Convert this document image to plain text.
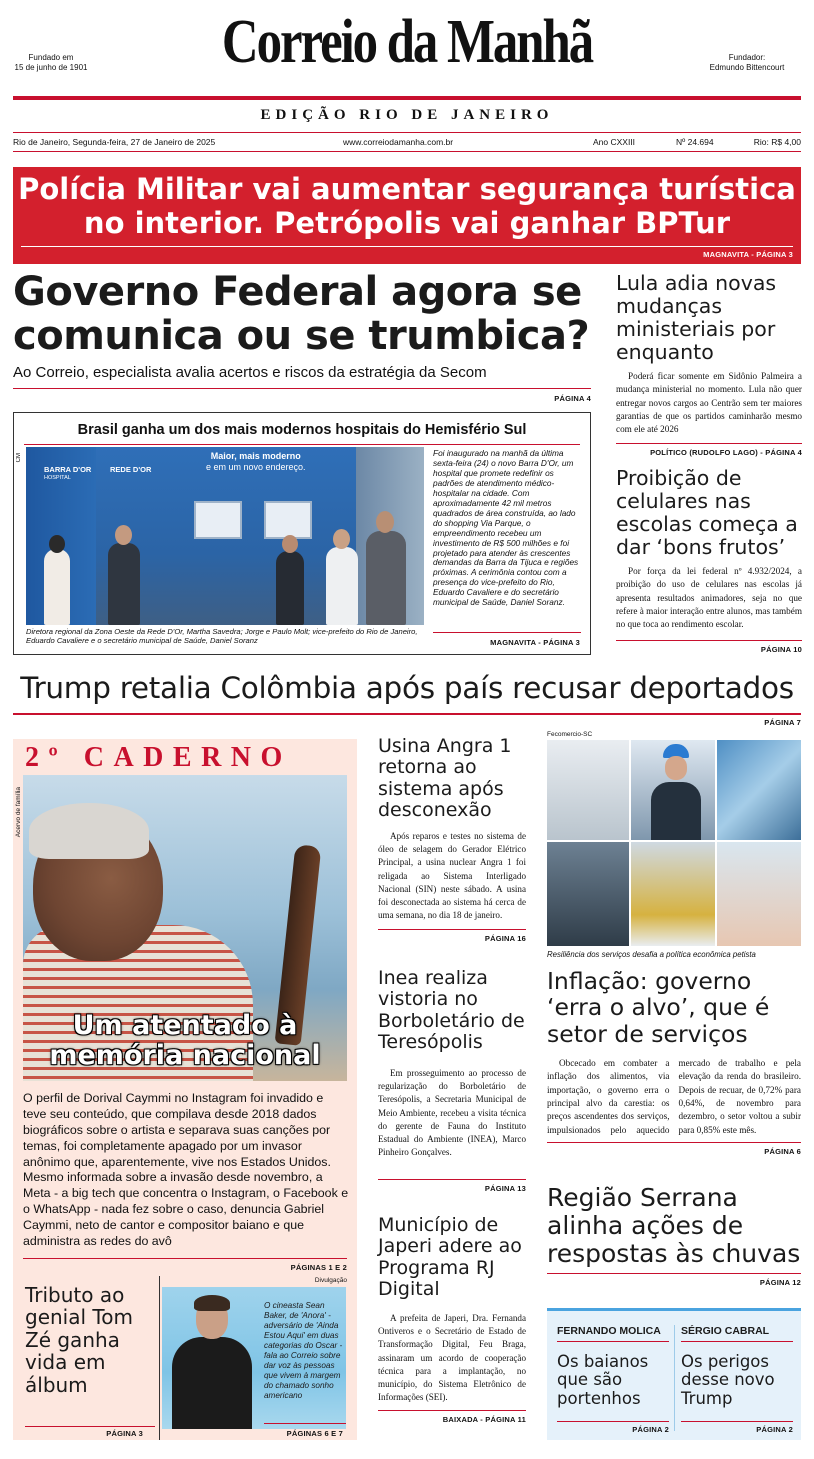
Correio da Manhã
Fundado em
15 de junho de 1901
Fundador:
Edmundo Bittencourt
EDIÇÃO RIO DE JANEIRO
Rio de Janeiro, Segunda-feira, 27 de Janeiro de 2025	www.correiodamanha.com.br	Ano CXXIII	Nº 24.694	Rio: R$ 4,00
Polícia Militar vai aumentar segurança turística
no interior. Petrópolis vai ganhar BPTur
MAGNAVITA - PÁGINA 3
Governo Federal agora se
comunica ou se trumbica?
Ao Correio, especialista avalia acertos e riscos da estratégia da Secom
PÁGINA 4
Brasil ganha um dos mais modernos hospitais do Hemisfério Sul
CM
BARRA D'OR
HOSPITAL
REDE D'OR
Maior, mais moderno
e em um novo endereço.
Diretora regional da Zona Oeste da Rede D'Or, Martha Savedra; Jorge e Paulo Molt; vice-prefeito do Rio de Janeiro, Eduardo Cavaliere e o secretário municipal de Saúde, Daniel Soranz
Foi inaugurado na manhã da última sexta-feira (24) o novo Barra D'Or, um hospital que promete redefinir os padrões de atendimento médico-hospitalar na cidade. Com aproximadamente 42 mil metros quadrados de área construída, ao lado do shopping Via Parque, o empreendimento recebeu um investimento de R$ 500 milhões e foi projetado para atender às crescentes demandas da Barra da Tijuca e regiões próximas. A cerimônia contou com a presença do vice-prefeito do Rio, Eduardo Cavaliere e do secretário municipal de Saúde, Daniel Soranz.
MAGNAVITA - PÁGINA 3
Lula adia novas mudanças ministeriais por enquanto
Poderá ficar somente em Sidônio Palmeira a mudança ministerial no momento. Lula não quer entregar novos cargos ao Centrão sem ter maiores garantias de que os partidos caminharão mesmo com ele até 2026
POLÍTICO (RUDOLFO LAGO) - PÁGINA 4
Proibição de celulares nas escolas começa a dar ‘bons frutos’
Por força da lei federal nº 4.932/2024, a proibição do uso de celulares nas escolas já apresenta resultados animadores, seja no que refere à maior interação entre alunos, mas também no que toca ao rendimento escolar.
PÁGINA 10
Trump retalia Colômbia após país recusar deportados
PÁGINA 7
2º CADERNO
Acervo de família
Um atentado à
memória nacional
O perfil de Dorival Caymmi no Instagram foi invadido e teve seu conteúdo, que compilava desde 2018 dados biográficos sobre o artista e separava suas canções por temas, foi completamente apagado por um invasor anônimo que, aparentemente, vive nos Estados Unidos. Mesmo informada sobre a invasão desde novembro, a Meta - a big tech que concentra o Instagram, o Facebook e o WhatsApp - nada fez sobre o caso, denuncia Gabriel Caymmi, neto de cantor e compositor baiano e que administra as redes do avô
PÁGINAS 1 E 2
Tributo ao genial Tom Zé ganha vida em álbum
PÁGINA 3
Divulgação
O cineasta Sean Baker, de 'Anora' - adversário de 'Ainda Estou Aqui' em duas categorias do Oscar - fala ao Correio sobre dar voz às pessoas que vivem à margem do chamado sonho americano
PÁGINAS 6 E 7
Usina Angra 1 retorna ao sistema após desconexão
Após reparos e testes no sistema de óleo de selagem do Gerador Elétrico Principal, a usina nuclear Angra 1 foi religada ao Sistema Interligado Nacional (SIN) neste sábado. A usina foi desconectada ao sistema há cerca de uma semana, no dia 18 de janeiro.
PÁGINA 16
Inea realiza vistoria no Borboletário de Teresópolis
Em prosseguimento ao processo de regularização do Borboletário de Teresópolis, a Secretaria Municipal de Meio Ambiente, recebeu a visita técnica do gerente de Fauna do Instituto Estadual do Ambiente (INEA), Marco Pinheiro Gonçalves.
PÁGINA 13
Município de Japeri adere ao Programa RJ Digital
A prefeita de Japeri, Dra. Fernanda Ontiveros e o Secretário de Estado de Transformação Digital, Feu Braga, assinaram um acordo de cooperação técnica para a implantação, no município, do Sistema Eletrônico de Informações (SEI).
BAIXADA - PÁGINA 11
Fecomercio-SC
Resiliência dos serviços desafia a política econômica petista
Inflação: governo ‘erra o alvo’, que é setor de serviços
Obcecado em combater a inflação dos alimentos, via importação, o governo erra o principal alvo da carestia: os preços ascendentes dos serviços, impulsionados pelo aquecido mercado de trabalho e pela elevação da renda do brasileiro. Depois de recuar, de 0,72% para 0,64%, de novembro para dezembro, o setor voltou a subir para 0,85% este mês.
PÁGINA 6
Região Serrana alinha ações de respostas às chuvas
PÁGINA 12
FERNANDO MOLICA
Os baianos que são portenhos
PÁGINA 2
SÉRGIO CABRAL
Os perigos desse novo Trump
PÁGINA 2
